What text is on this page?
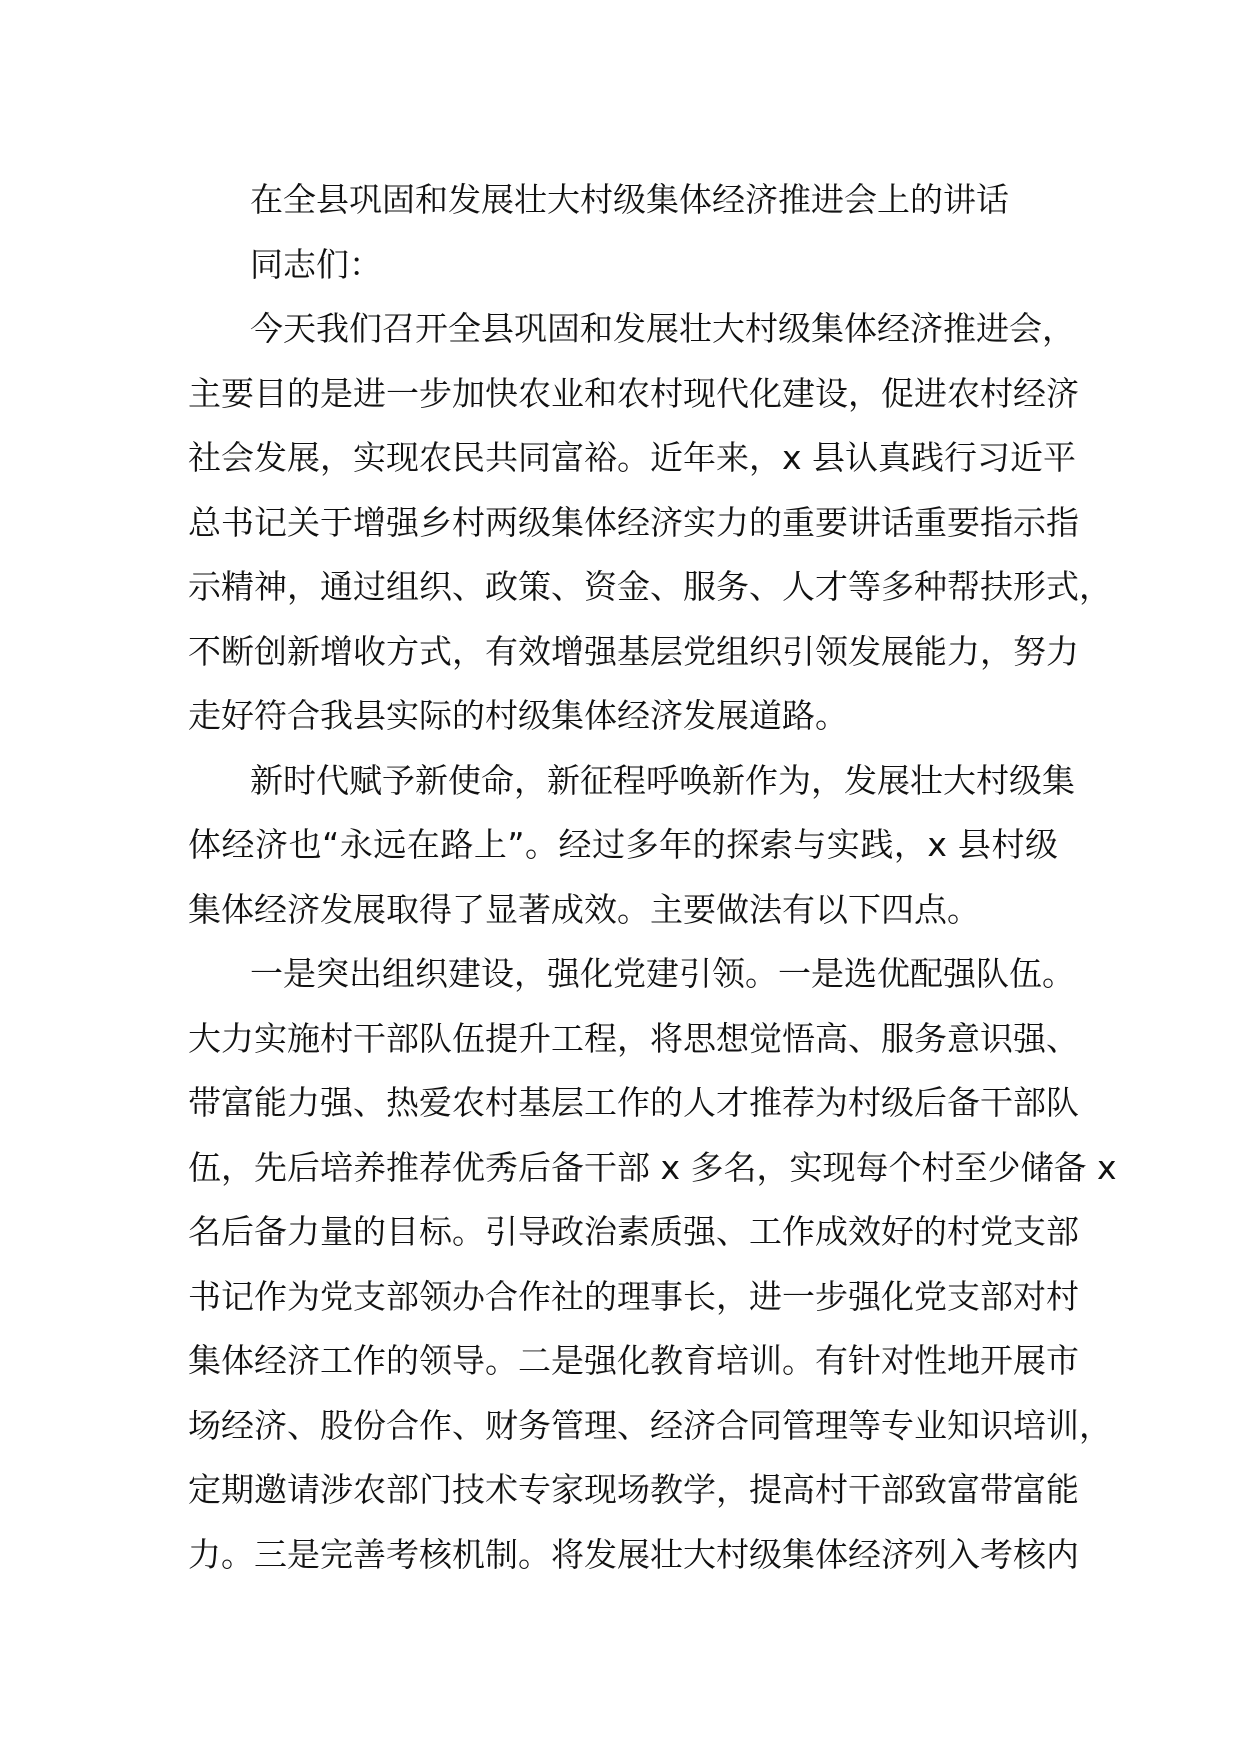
在全县巩固和发展壮大村级集体经济推进会上的讲话
同志们：
今天我们召开全县巩固和发展壮大村级集体经济推进会，
主要目的是进一步加快农业和农村现代化建设，促进农村经济
社会发展，实现农民共同富裕。近年来，x 县认真践行习近平
总书记关于增强乡村两级集体经济实力的重要讲话重要指示指
示精神，通过组织、政策、资金、服务、人才等多种帮扶形式，
不断创新增收方式，有效增强基层党组织引领发展能力，努力
走好符合我县实际的村级集体经济发展道路。
新时代赋予新使命，新征程呼唤新作为，发展壮大村级集
体经济也“永远在路上”。经过多年的探索与实践，x 县村级
集体经济发展取得了显著成效。主要做法有以下四点。
一是突出组织建设，强化党建引领。一是选优配强队伍。
大力实施村干部队伍提升工程，将思想觉悟高、服务意识强、
带富能力强、热爱农村基层工作的人才推荐为村级后备干部队
伍，先后培养推荐优秀后备干部 x 多名，实现每个村至少储备 x
名后备力量的目标。引导政治素质强、工作成效好的村党支部
书记作为党支部领办合作社的理事长，进一步强化党支部对村
集体经济工作的领导。二是强化教育培训。有针对性地开展市
场经济、股份合作、财务管理、经济合同管理等专业知识培训，
定期邀请涉农部门技术专家现场教学，提高村干部致富带富能
力。三是完善考核机制。将发展壮大村级集体经济列入考核内
